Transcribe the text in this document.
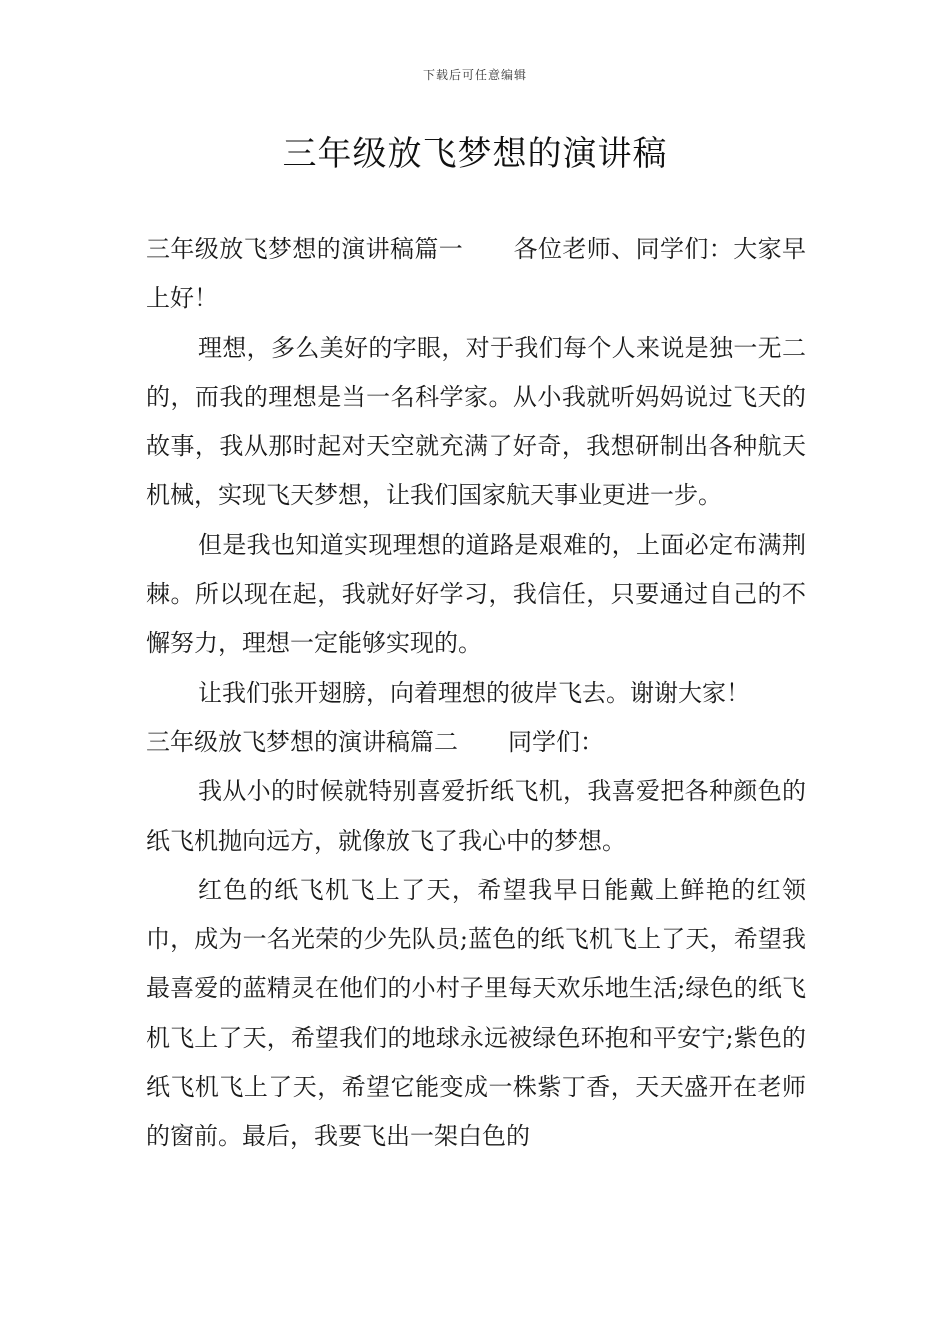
下载后可任意编辑
三年级放飞梦想的演讲稿

三年级放飞梦想的演讲稿篇一 各位老师、同学们：大家早上好！

理想，多么美好的字眼，对于我们每个人来说是独一无二的，而我的理想是当一名科学家。从小我就听妈妈说过飞天的故事，我从那时起对天空就充满了好奇，我想研制出各种航天机械，实现飞天梦想，让我们国家航天事业更进一步。

但是我也知道实现理想的道路是艰难的，上面必定布满荆棘。所以现在起，我就好好学习，我信任，只要通过自己的不懈努力，理想一定能够实现的。

让我们张开翅膀，向着理想的彼岸飞去。谢谢大家！

三年级放飞梦想的演讲稿篇二 同学们：

我从小的时候就特别喜爱折纸飞机，我喜爱把各种颜色的纸飞机抛向远方，就像放飞了我心中的梦想。

红色的纸飞机飞上了天，希望我早日能戴上鲜艳的红领巾，成为一名光荣的少先队员;蓝色的纸飞机飞上了天，希望我最喜爱的蓝精灵在他们的小村子里每天欢乐地生活;绿色的纸飞机飞上了天，希望我们的地球永远被绿色环抱和平安宁;紫色的纸飞机飞上了天，希望它能变成一株紫丁香，天天盛开在老师的窗前。最后，我要飞出一架白色的
